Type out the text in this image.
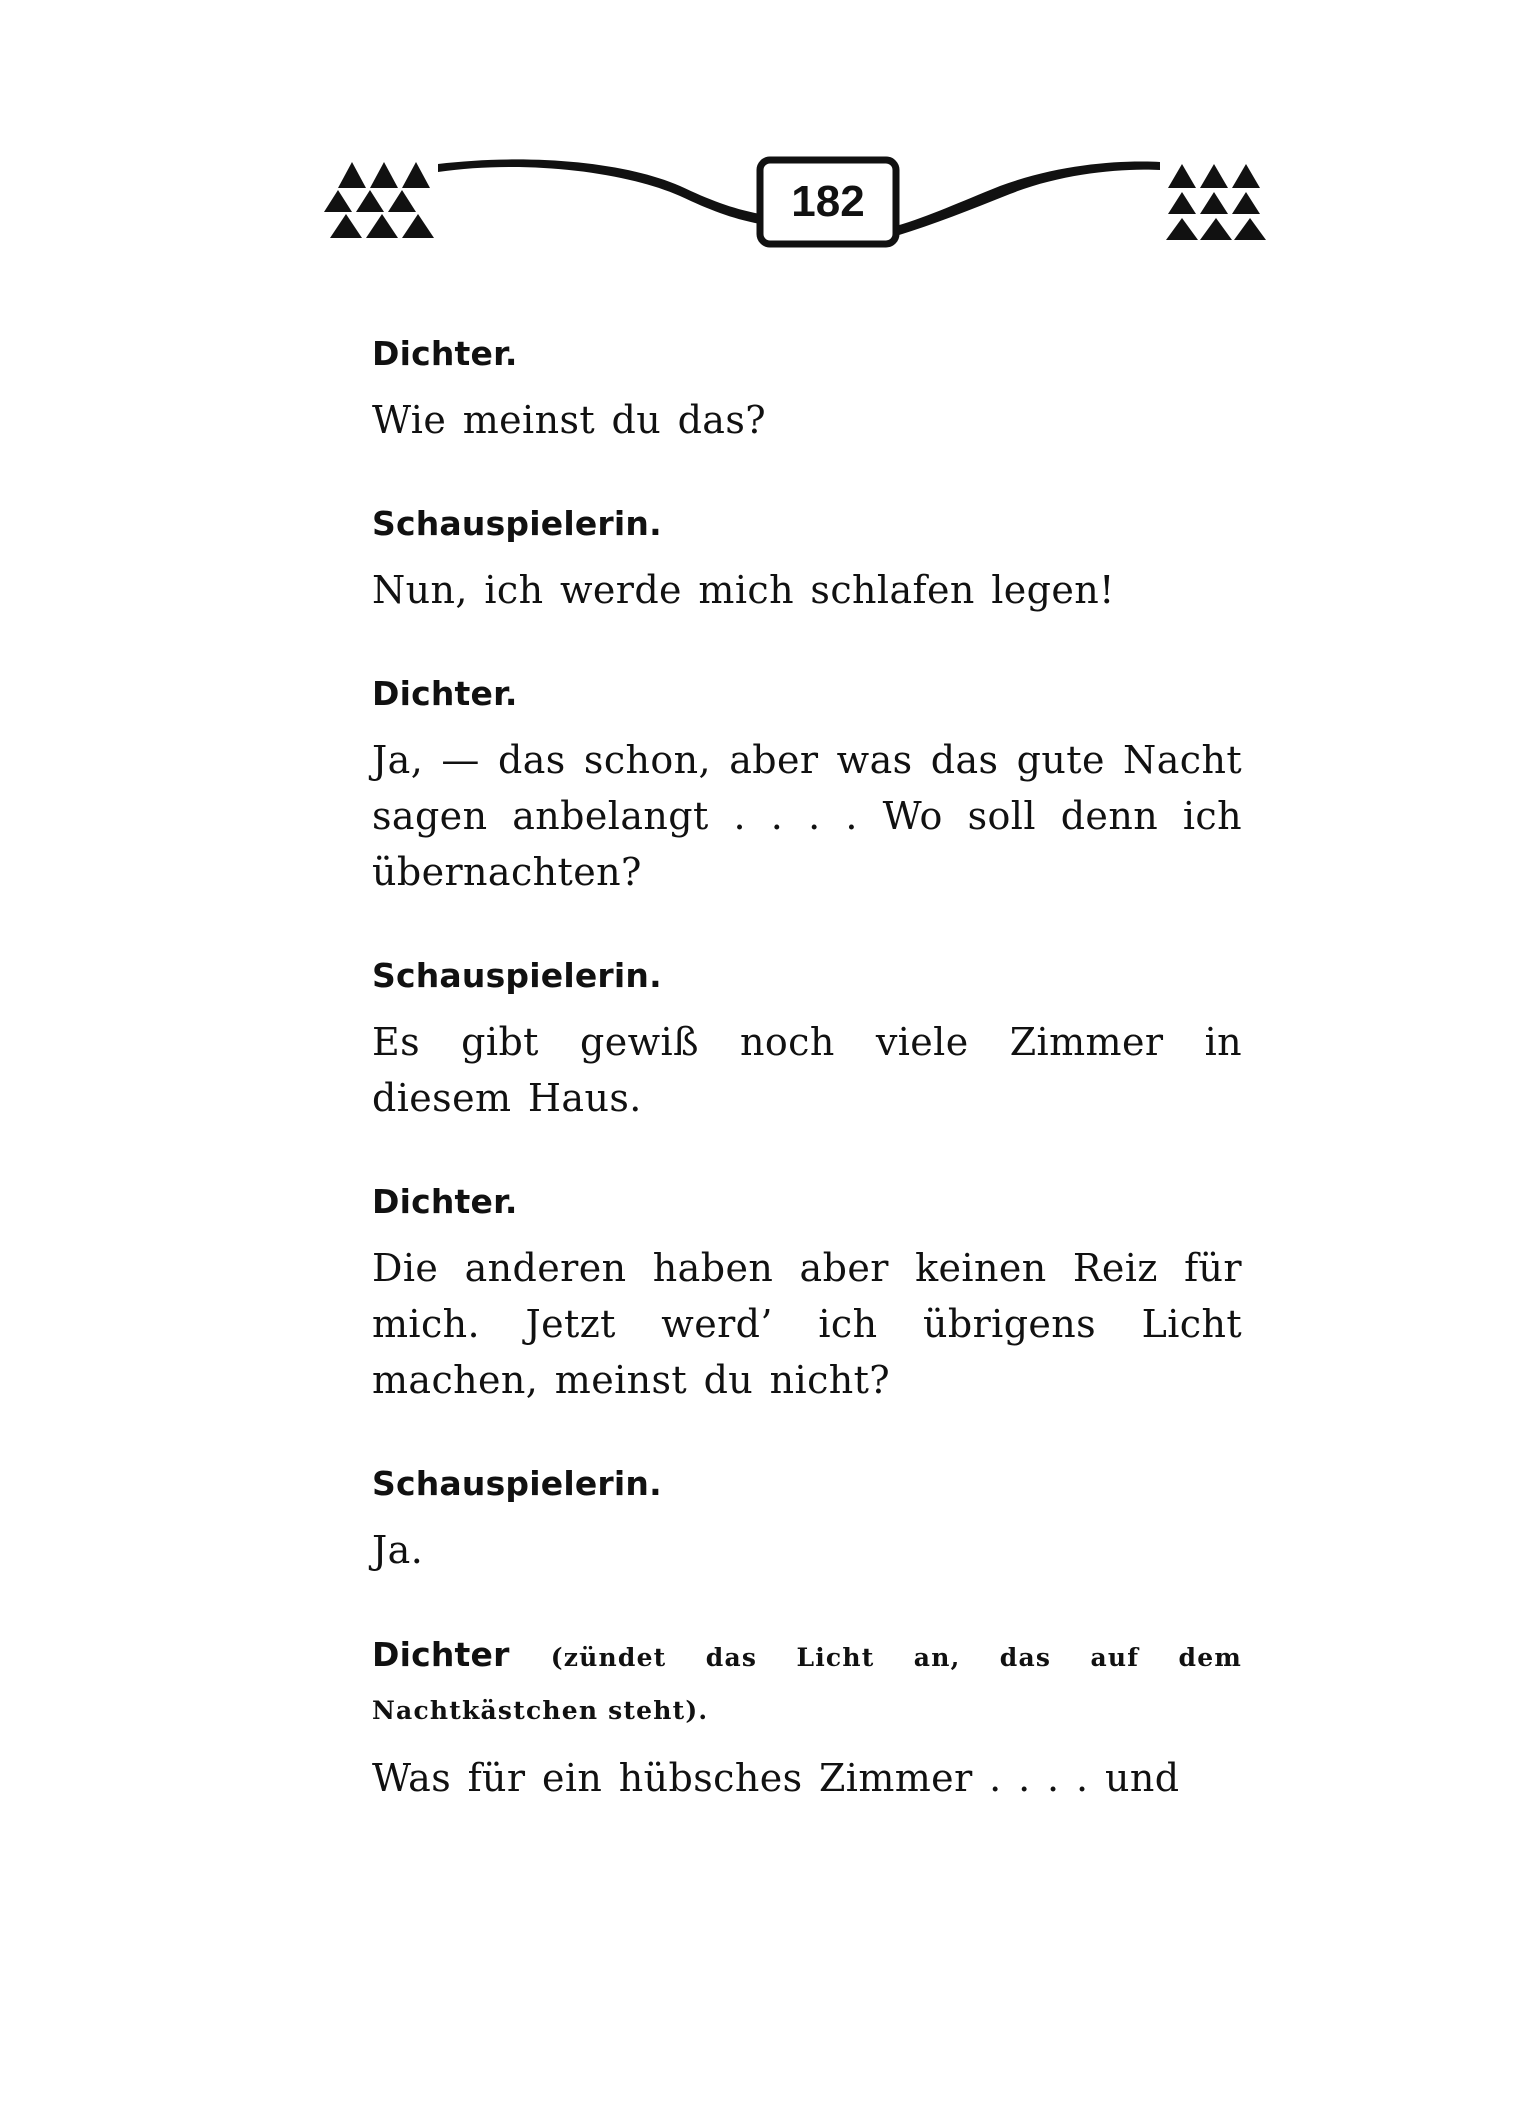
182

Dichter.

Wie meinst du das?

Schauspielerin.

Nun, ich werde mich schlafen legen!

Dichter.

Ja, — das schon, aber was das gute Nacht sagen anbelangt . . . . Wo soll denn ich übernachten?

Schauspielerin.

Es gibt gewiß noch viele Zimmer in diesem Haus.

Dichter.

Die anderen haben aber keinen Reiz für mich. Jetzt werd’ ich übrigens Licht machen, meinst du nicht?

Schauspielerin.

Ja.

Dichter (zündet das Licht an, das auf dem Nachtkästchen steht).

Was für ein hübsches Zimmer . . . . und
